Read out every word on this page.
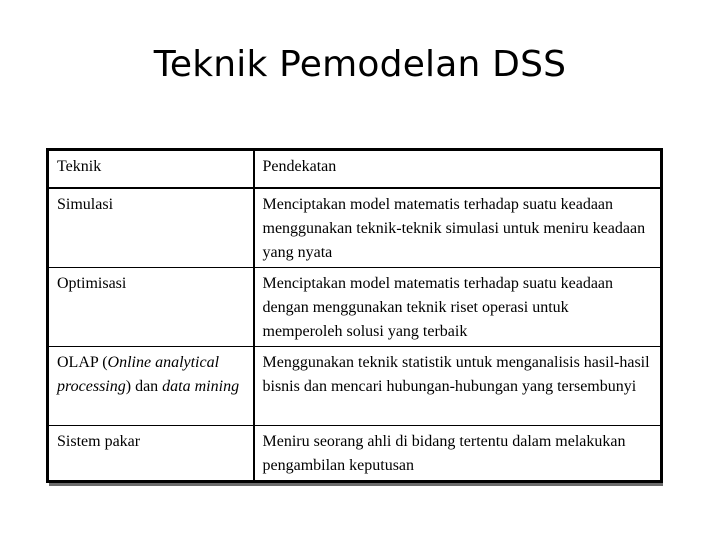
Teknik Pemodelan DSS
Teknik	Pendekatan
Simulasi	Menciptakan model matematis terhadap suatu keadaan menggunakan teknik-teknik simulasi untuk meniru keadaan yang nyata
Optimisasi	Menciptakan model matematis terhadap suatu keadaan dengan menggunakan teknik riset operasi untuk memperoleh solusi yang terbaik
OLAP (Online analytical processing) dan data mining	Menggunakan teknik statistik untuk menganalisis hasil-hasil bisnis dan mencari hubungan-hubungan yang tersembunyi
Sistem pakar	Meniru seorang ahli di bidang tertentu dalam melakukan pengambilan keputusan
